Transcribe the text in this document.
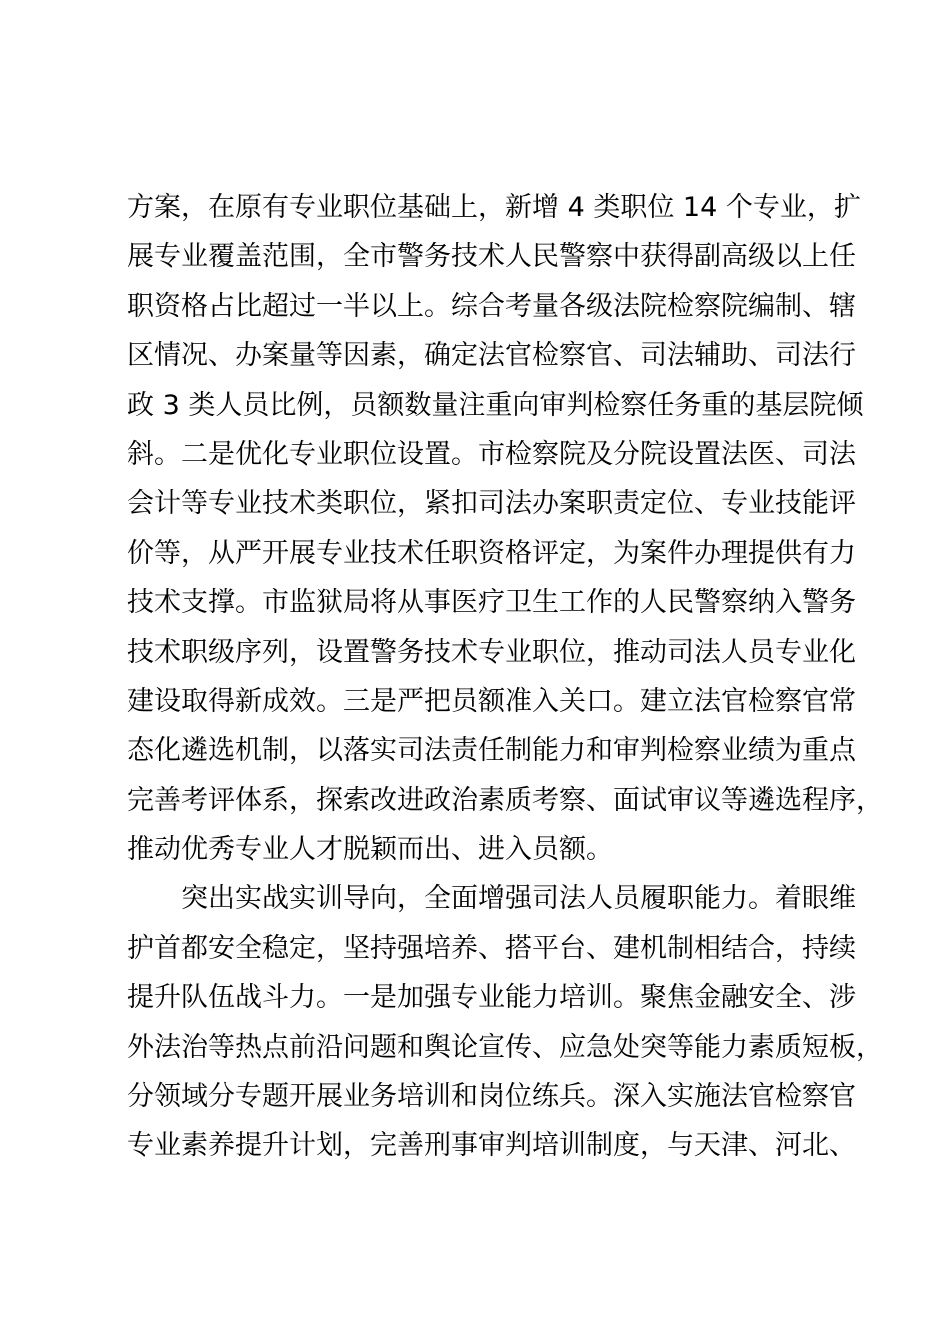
方案，在原有专业职位基础上，新增 4 类职位 14 个专业，扩
展专业覆盖范围，全市警务技术人民警察中获得副高级以上任
职资格占比超过一半以上。综合考量各级法院检察院编制、辖
区情况、办案量等因素，确定法官检察官、司法辅助、司法行
政 3 类人员比例，员额数量注重向审判检察任务重的基层院倾
斜。二是优化专业职位设置。市检察院及分院设置法医、司法
会计等专业技术类职位，紧扣司法办案职责定位、专业技能评
价等，从严开展专业技术任职资格评定，为案件办理提供有力
技术支撑。市监狱局将从事医疗卫生工作的人民警察纳入警务
技术职级序列，设置警务技术专业职位，推动司法人员专业化
建设取得新成效。三是严把员额准入关口。建立法官检察官常
态化遴选机制，以落实司法责任制能力和审判检察业绩为重点
完善考评体系，探索改进政治素质考察、面试审议等遴选程序，
推动优秀专业人才脱颖而出、进入员额。
突出实战实训导向，全面增强司法人员履职能力。着眼维
护首都安全稳定，坚持强培养、搭平台、建机制相结合，持续
提升队伍战斗力。一是加强专业能力培训。聚焦金融安全、涉
外法治等热点前沿问题和舆论宣传、应急处突等能力素质短板，
分领域分专题开展业务培训和岗位练兵。深入实施法官检察官
专业素养提升计划，完善刑事审判培训制度，与天津、河北、
